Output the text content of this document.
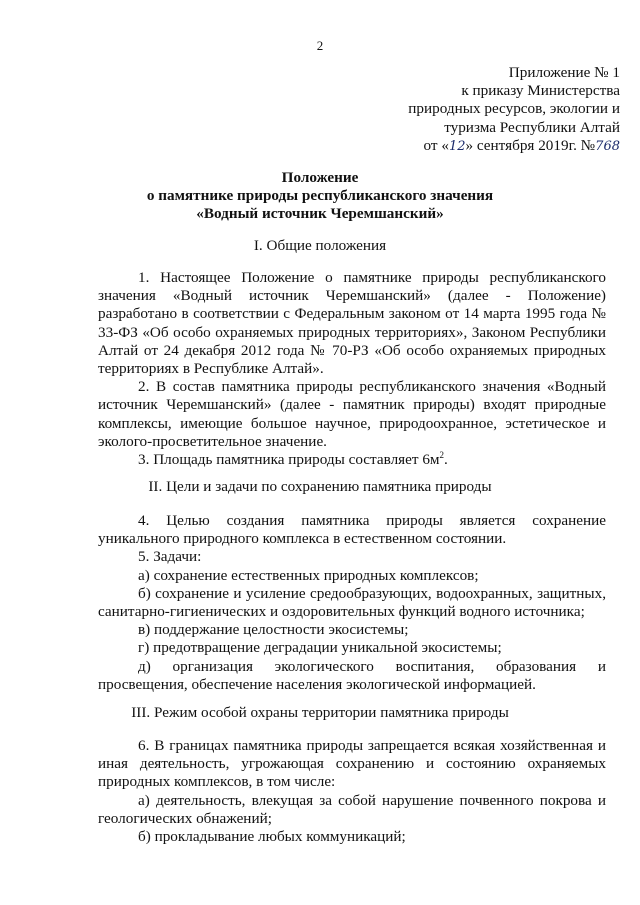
2
Приложение № 1
к приказу Министерства
природных ресурсов, экологии и
туризма Республики Алтай
от «12» сентября 2019г. №768
Положение
о памятнике природы республиканского значения
«Водный источник Черемшанский»
I. Общие положения
1. Настоящее Положение о памятнике природы республиканского значения «Водный источник Черемшанский» (далее - Положение) разработано в соответствии с Федеральным законом от 14 марта 1995 года № 33-ФЗ «Об особо охраняемых природных территориях», Законом Республики Алтай от 24 декабря 2012 года № 70-РЗ «Об особо охраняемых природных территориях в Республике Алтай».
2. В состав памятника природы республиканского значения «Водный источник Черемшанский» (далее - памятник природы) входят природные комплексы, имеющие большое научное, природоохранное, эстетическое и эколого-просветительное значение.
3. Площадь памятника природы составляет $6м^2$.
II. Цели и задачи по сохранению памятника природы
4. Целью создания памятника природы является сохранение уникального природного комплекса в естественном состоянии.
5. Задачи:
а) сохранение естественных природных комплексов;
б) сохранение и усиление средообразующих, водоохранных, защитных, санитарно-гигиенических и оздоровительных функций водного источника;
в) поддержание целостности экосистемы;
г) предотвращение деградации уникальной экосистемы;
д) организация экологического воспитания, образования и просвещения, обеспечение населения экологической информацией.
III. Режим особой охраны территории памятника природы
6. В границах памятника природы запрещается всякая хозяйственная и иная деятельность, угрожающая сохранению и состоянию охраняемых природных комплексов, в том числе:
а) деятельность, влекущая за собой нарушение почвенного покрова и геологических обнажений;
б) прокладывание любых коммуникаций;
